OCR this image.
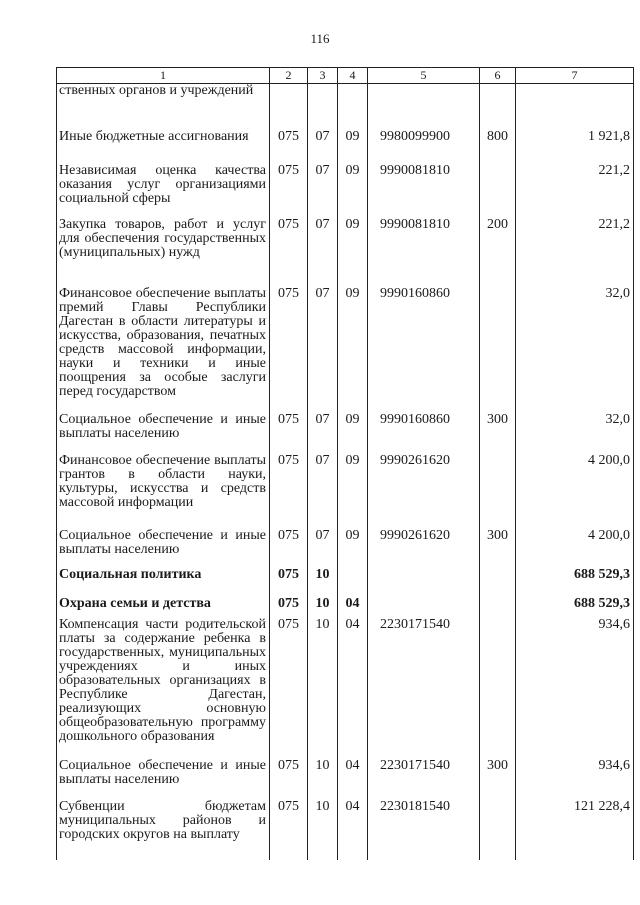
116
1	2	3	4	5	6	7
ственных органов и учреждений						
Иные бюджетные ассигнования	075	07	09	9980099900	800	1 921,8
Независимая оценка качества оказания услуг организациями социальной сферы	075	07	09	9990081810		221,2
Закупка товаров, работ и услуг для обеспечения государственных (муниципальных) нужд	075	07	09	9990081810	200	221,2
Финансовое обеспечение выплаты премий Главы Республики Дагестан в области литературы и искусства, образования, печатных средств массовой информации, науки и техники и иные поощрения за особые заслуги перед государством	075	07	09	9990160860		32,0
Социальное обеспечение и иные выплаты населению	075	07	09	9990160860	300	32,0
Финансовое обеспечение выплаты грантов в области науки, культуры, искусства и средств массовой информации	075	07	09	9990261620		4 200,0
Социальное обеспечение и иные выплаты населению	075	07	09	9990261620	300	4 200,0
Социальная политика	075	10				688 529,3
Охрана семьи и детства	075	10	04			688 529,3
Компенсация части родительской платы за содержание ребенка в государственных, муниципальных учреждениях и иных образовательных организациях в Республике Дагестан, реализующих основную общеобразовательную программу дошкольного образования	075	10	04	2230171540		934,6
Социальное обеспечение и иные выплаты населению	075	10	04	2230171540	300	934,6
Субвенции бюджетам муниципальных районов и городских округов на выплату	075	10	04	2230181540		121 228,4
